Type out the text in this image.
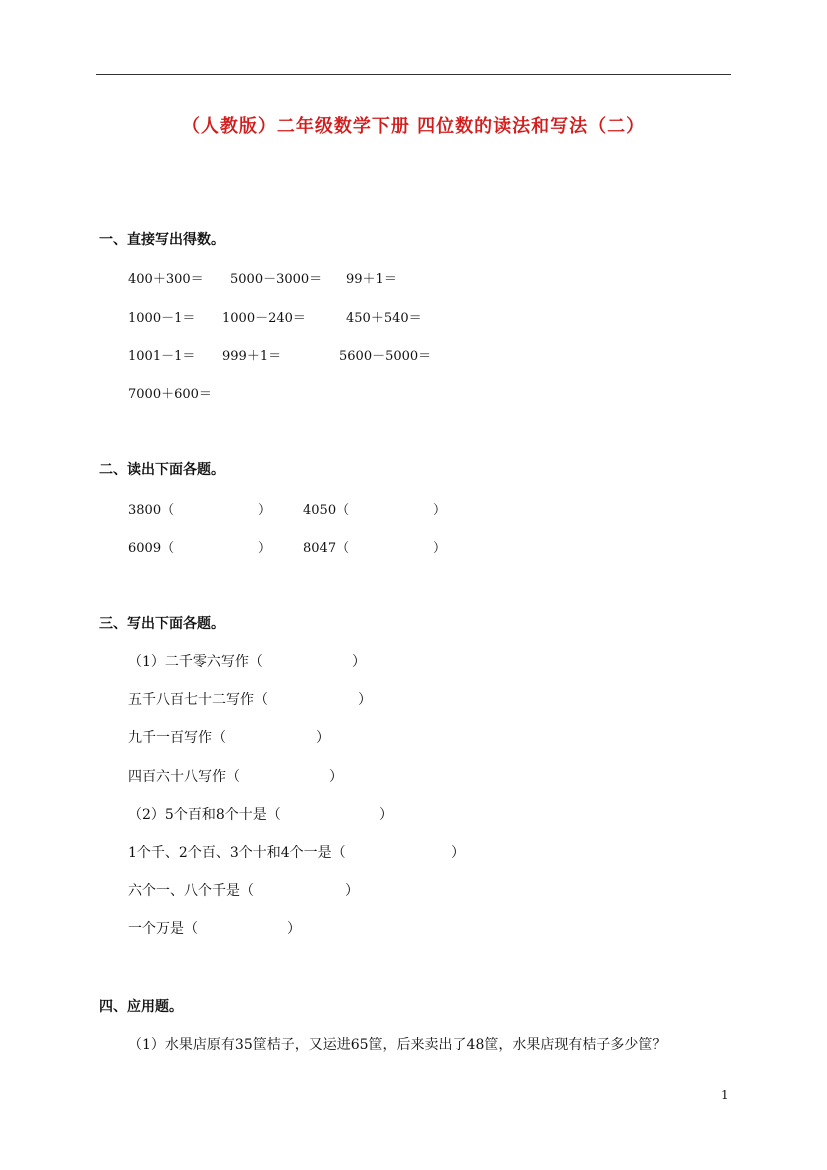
（人教版）二年级数学下册 四位数的读法和写法（二）
一、直接写出得数。
400＋300＝ 5000－3000＝ 99＋1＝
1000－1＝ 1000－240＝	450＋540＝
1001－1＝ 999＋1＝	5600－5000＝
7000＋600＝
二、读出下面各题。
3800（	） 4050（	）
6009（	） 8047（	）
三、写出下面各题。
（1）二千零六写作（	）
五千八百七十二写作（	）
九千一百写作（	）
四百六十八写作（	）
（2）5个百和8个十是（	）
1个千、2个百、3个十和4个一是（	）
六个一、八个千是（	）
一个万是（	）
四、应用题。
（1）水果店原有35筐桔子，又运进65筐，后来卖出了48筐，水果店现有桔子多少筐？
1
